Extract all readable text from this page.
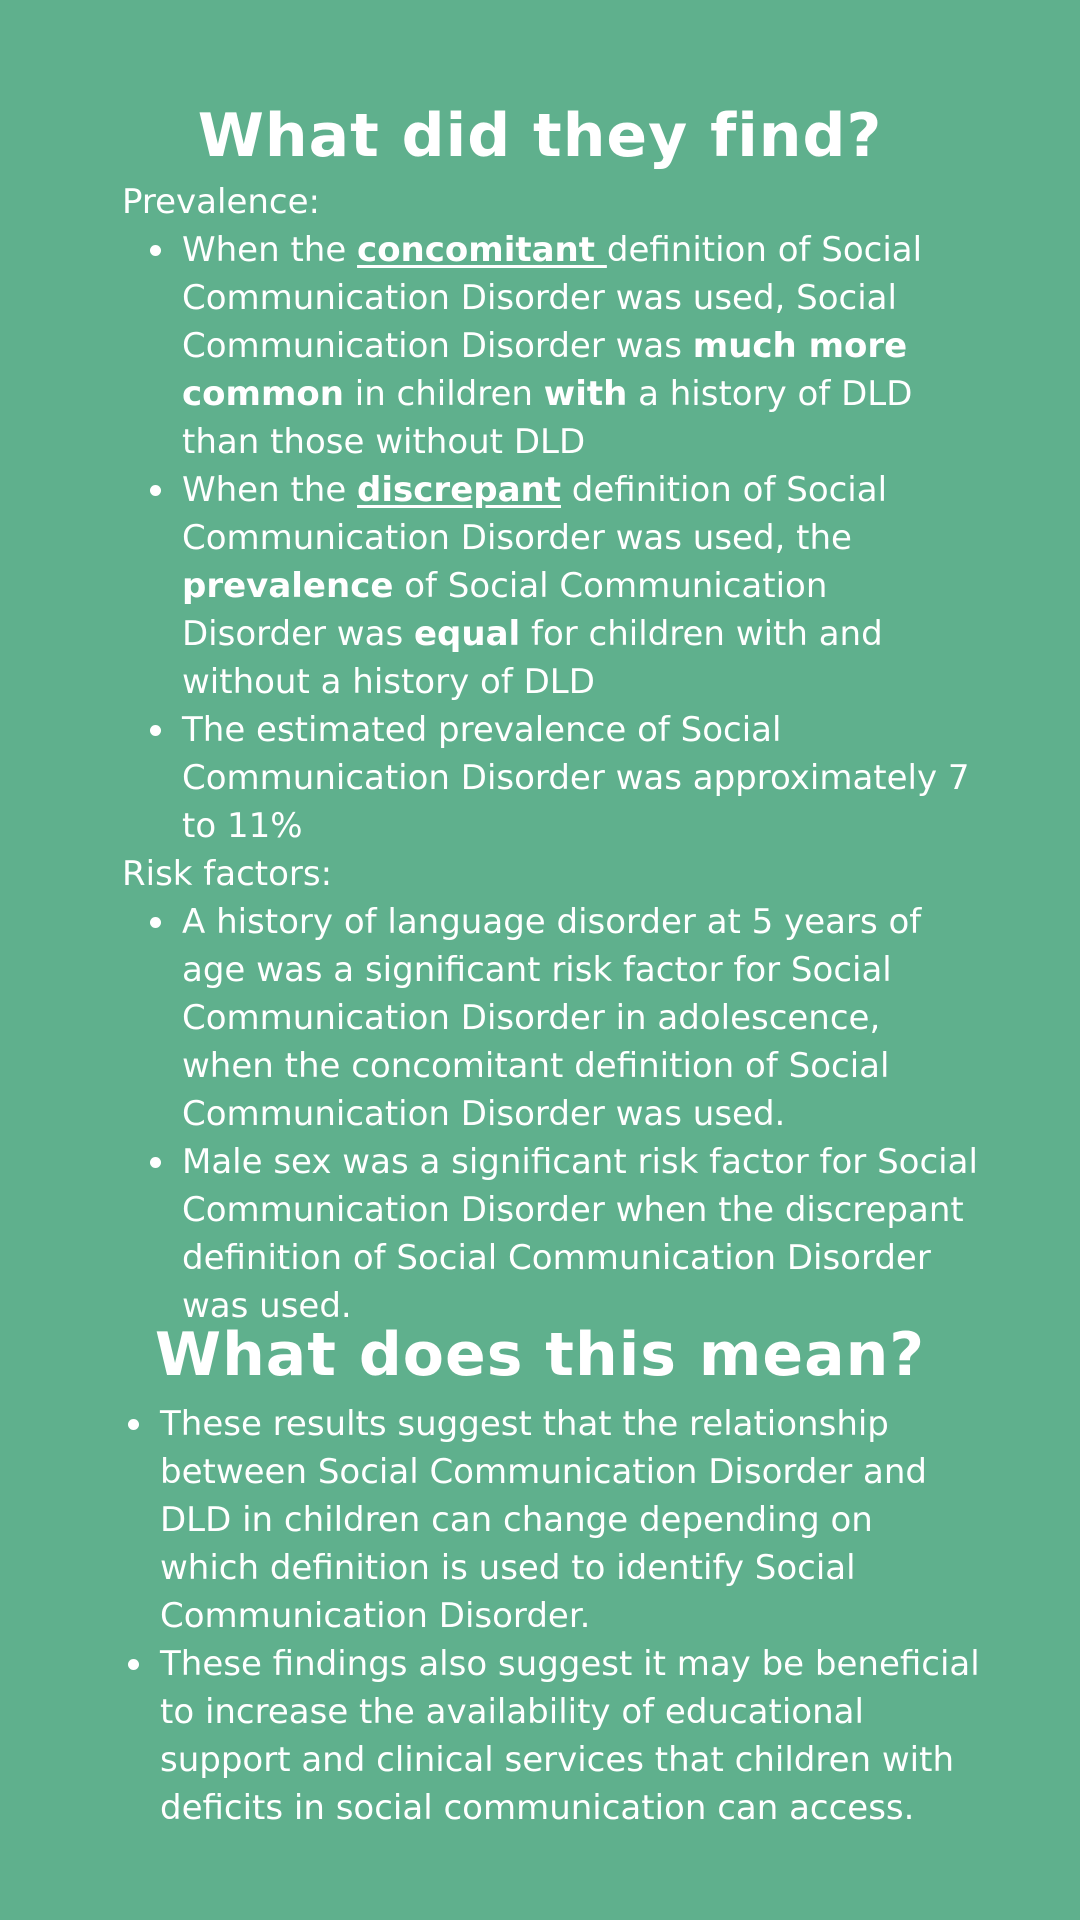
What did they find?

Prevalence:

When the concomitant definition of Social Communication Disorder was used, Social Communication Disorder was much more common in children with a history of DLD than those without DLD
When the discrepant definition of Social Communication Disorder was used, the prevalence of Social Communication Disorder was equal for children with and without a history of DLD
The estimated prevalence of Social Communication Disorder was approximately 7 to 11%

Risk factors:

A history of language disorder at 5 years of age was a significant risk factor for Social Communication Disorder in adolescence, when the concomitant definition of Social Communication Disorder was used.
Male sex was a significant risk factor for Social Communication Disorder when the discrepant definition of Social Communication Disorder was used.
What does this mean?
These results suggest that the relationship between Social Communication Disorder and DLD in children can change depending on which definition is used to identify Social Communication Disorder.
These findings also suggest it may be beneficial to increase the availability of educational support and clinical services that children with deficits in social communication can access.
